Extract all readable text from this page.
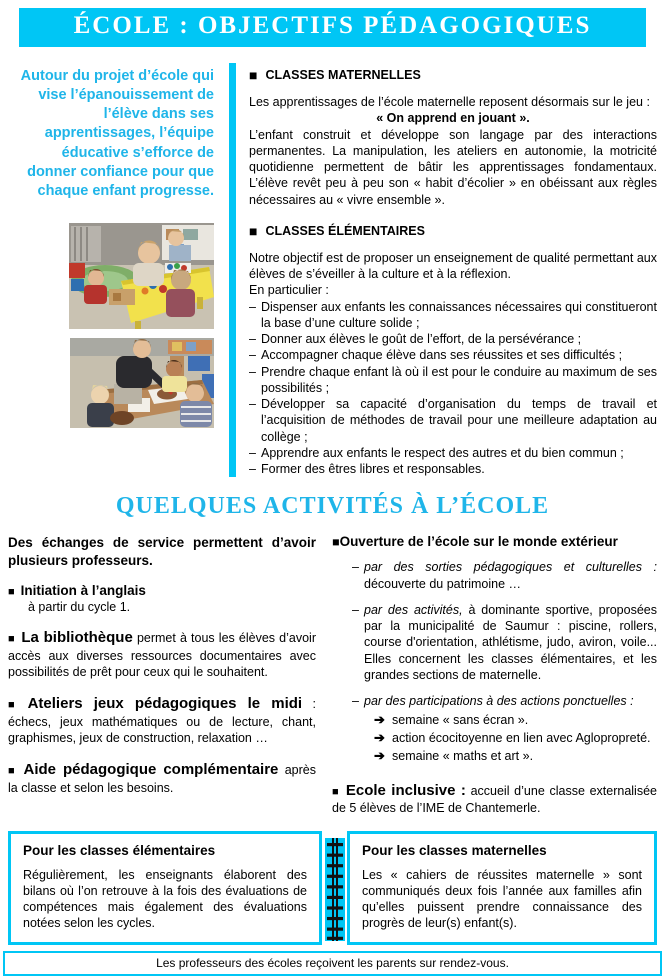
ÉCOLE : OBJECTIFS PÉDAGOGIQUES

Autour du projet d’école qui vise l’épanouissement de l’élève dans ses apprentissages, l’équipe éducative s’efforce de donner confiance pour que chaque enfant progresse.

■ CLASSES MATERNELLES

Les apprentissages de l’école maternelle reposent désormais sur le jeu :

« On apprend en jouant ».

L’enfant construit et développe son langage par des interactions permanentes. La manipulation, les ateliers en autonomie, la motricité quotidienne permettent de bâtir les apprentissages fondamentaux. L’élève revêt peu à peu son « habit d’écolier » en obéissant aux règles nécessaires au « vivre ensemble ».

■ CLASSES ÉLÉMENTAIRES

Notre objectif est de proposer un enseignement de qualité permettant aux élèves de s’éveiller à la culture et à la réflexion.

En particulier :

– Dispenser aux enfants les connaissances nécessaires qui constitueront la base d’une culture solide ;
– Donner aux élèves le goût de l’effort, de la persévérance ;
– Accompagner chaque élève dans ses réussites et ses difficultés ;
– Prendre chaque enfant là où il est pour le conduire au maximum de ses possibilités ;
– Développer sa capacité d’organisation du temps de travail et l’acquisition de méthodes de travail pour une meilleure adaptation au collège ;
– Apprendre aux enfants le respect des autres et du bien commun ;
– Former des êtres libres et responsables.
QUELQUES ACTIVITÉS À L’ÉCOLE

Des échanges de service permettent d’avoir plusieurs professeurs.

■ Initiation à l’anglais
à partir du cycle 1.

■ La bibliothèque permet à tous les élèves d’avoir accès aux diverses ressources documentaires avec possibilités de prêt pour ceux qui le souhaitent.

■ Ateliers jeux pédagogiques le midi : échecs, jeux mathématiques ou de lecture, chant, graphismes, jeux de construction, relaxation …

■ Aide pédagogique complémentaire après la classe et selon les besoins.

■Ouverture de l’école sur le monde extérieur
– par des sorties pédagogiques et culturelles : découverte du patrimoine …
– par des activités, à dominante sportive, proposées par la municipalité de Saumur : piscine, rollers, course d'orientation, athlétisme, judo, aviron, voile... Elles concernent les classes élémentaires, et les grandes sections de maternelle.
– par des participations à des actions ponctuelles :
➔ semaine « sans écran ».
➔ action écocitoyenne en lien avec Aglopropreté.
➔ semaine « maths et art ».

■ Ecole inclusive : accueil d’une classe externalisée de 5 élèves de l’IME de Chantemerle.

Pour les classes élémentaires

Régulièrement, les enseignants élaborent des bilans où l’on retrouve à la fois des évaluations de compétences mais également des évaluations notées selon les cycles.

Pour les classes maternelles

Les « cahiers de réussites maternelle » sont communiqués deux fois l’année aux familles afin qu’elles puissent prendre connaissance des progrès de leur(s) enfant(s).

Les professeurs des écoles reçoivent les parents sur rendez-vous.
